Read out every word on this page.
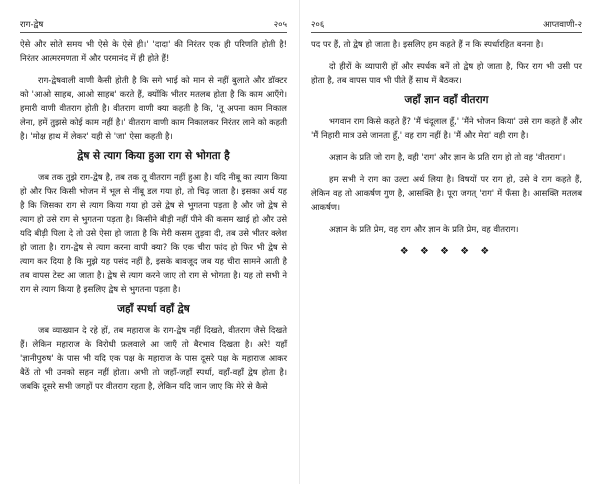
राग-द्वेष	२०५

ऐसे और सोते समय भी ऐसे के ऐसे ही।' 'दादा' की निरंतर एक ही परिणति होती है! निरंतर आत्मरमणता में और परमानंद में ही होते हैं!

राग-द्वेषवाली वाणी कैसी होती है कि सगे भाई को मान से नहीं बुलाते और डॉक्टर को 'आओ साहब, आओ साहब' करते हैं, क्योंकि भीतर मतलब होता है कि काम आएँगे। हमारी वाणी वीतराग होती है। वीतराग वाणी क्या कहती है कि, 'तू अपना काम निकाल लेना, हमें तुझसे कोई काम नहीं है।' वीतराग वाणी काम निकालकर निरंतर लाने को कहती है। 'मोक्ष हाथ में लेकर' यही से 'जा' ऐसा कहती है।

द्वेष से त्याग किया हुआ राग से भोगता है

जब तक तुझे राग-द्वेष है, तब तक तू वीतराग नहीं हुआ है। यदि नीबू का त्याग किया हो और फिर किसी भोजन में भूल से नींबू डल गया हो, तो चिढ़ जाता है। इसका अर्थ यह है कि जिसका राग से त्याग किया गया हो उसे द्वेष से भुगतना पड़ता है और जो द्वेष से त्याग हो उसे राग से भुगतना पड़ता है। किसीने बीड़ी नहीं पीने की कसम खाई हो और उसे यदि बीड़ी पिला दे तो उसे ऐसा हो जाता है कि मेरी कसम तुड़वा दी, तब उसे भीतर क्लेश हो जाता है। राग-द्वेष से त्याग करना वापी क्या? कि एक चीरा फांद हो फिर भी द्वेष से त्याग कर दिया है कि मुझे यह पसंद नहीं है, इसके बावजूद जब यह चीरा सामने आती है तब वापस टेस्ट आ जाता है। द्वेष से त्याग करने जाए तो राग से भोगता है। यह तो सभी ने राग से त्याग किया है इसलिए द्वेष से भुगतना पड़ता है।

जहाँ स्पर्धा वहाँ द्वेष

जब व्याख्यान दे रहे हों, तब महाराज के राग-द्वेष नहीं दिखते, वीतराग जैसे दिखते हैं। लेकिन महाराज के विरोधी फ़लवाले आ जाएँ तो बैरभाव दिखता है। अरे! यहाँ 'ज्ञानीपुरुष' के पास भी यदि एक पक्ष के महाराज के पास दूसरे पक्ष के महाराज आकर बैठें तो भी उनको सहन नहीं होता। अभी तो जहाँ-जहाँ स्पर्धा, वहाँ-वहाँ द्वेष होता है। जबकि दूसरे सभी जगहों पर वीतराग रहता है, लेकिन यदि जान जाए कि मेरे से कैसे

२०६	आप्तवाणी-२

पद पर हैं, तो द्वेष हो जाता है। इसलिए हम कहते हैं न कि स्पर्धारहित बनना है।

दो हीरों के व्यापारी हों और स्पर्धक बनें तो द्वेष हो जाता है, फिर राग भी उसी पर होता है, तब वापस पाव भी पीते हैं साथ में बैठकर।

जहाँ ज्ञान वहाँ वीतराग

भगवान राग किसे कहते हैं? 'मैं चंदूलाल हूँ,' 'मैंने भोजन किया' उसे राग कहते हैं और 'मैं निहारी मात्र उसे जानता हूँ,' वह राग नहीं है। 'मैं और मेरा' वही राग है।

अज्ञान के प्रति जो राग है, वही 'राग' और ज्ञान के प्रति राग हो तो वह 'वीतराग'।

हम सभी ने राग का उल्टा अर्थ लिया है। विषयों पर राग हो, उसे वे राग कहते हैं, लेकिन वह तो आकर्षण गुण है, आसक्ति है। पूरा जगत् 'राग' में फँसा है। आसक्ति मतलब आकर्षण।

अज्ञान के प्रति प्रेम, वह राग और ज्ञान के प्रति प्रेम, वह वीतराग।

❖ ❖ ❖ ❖ ❖
